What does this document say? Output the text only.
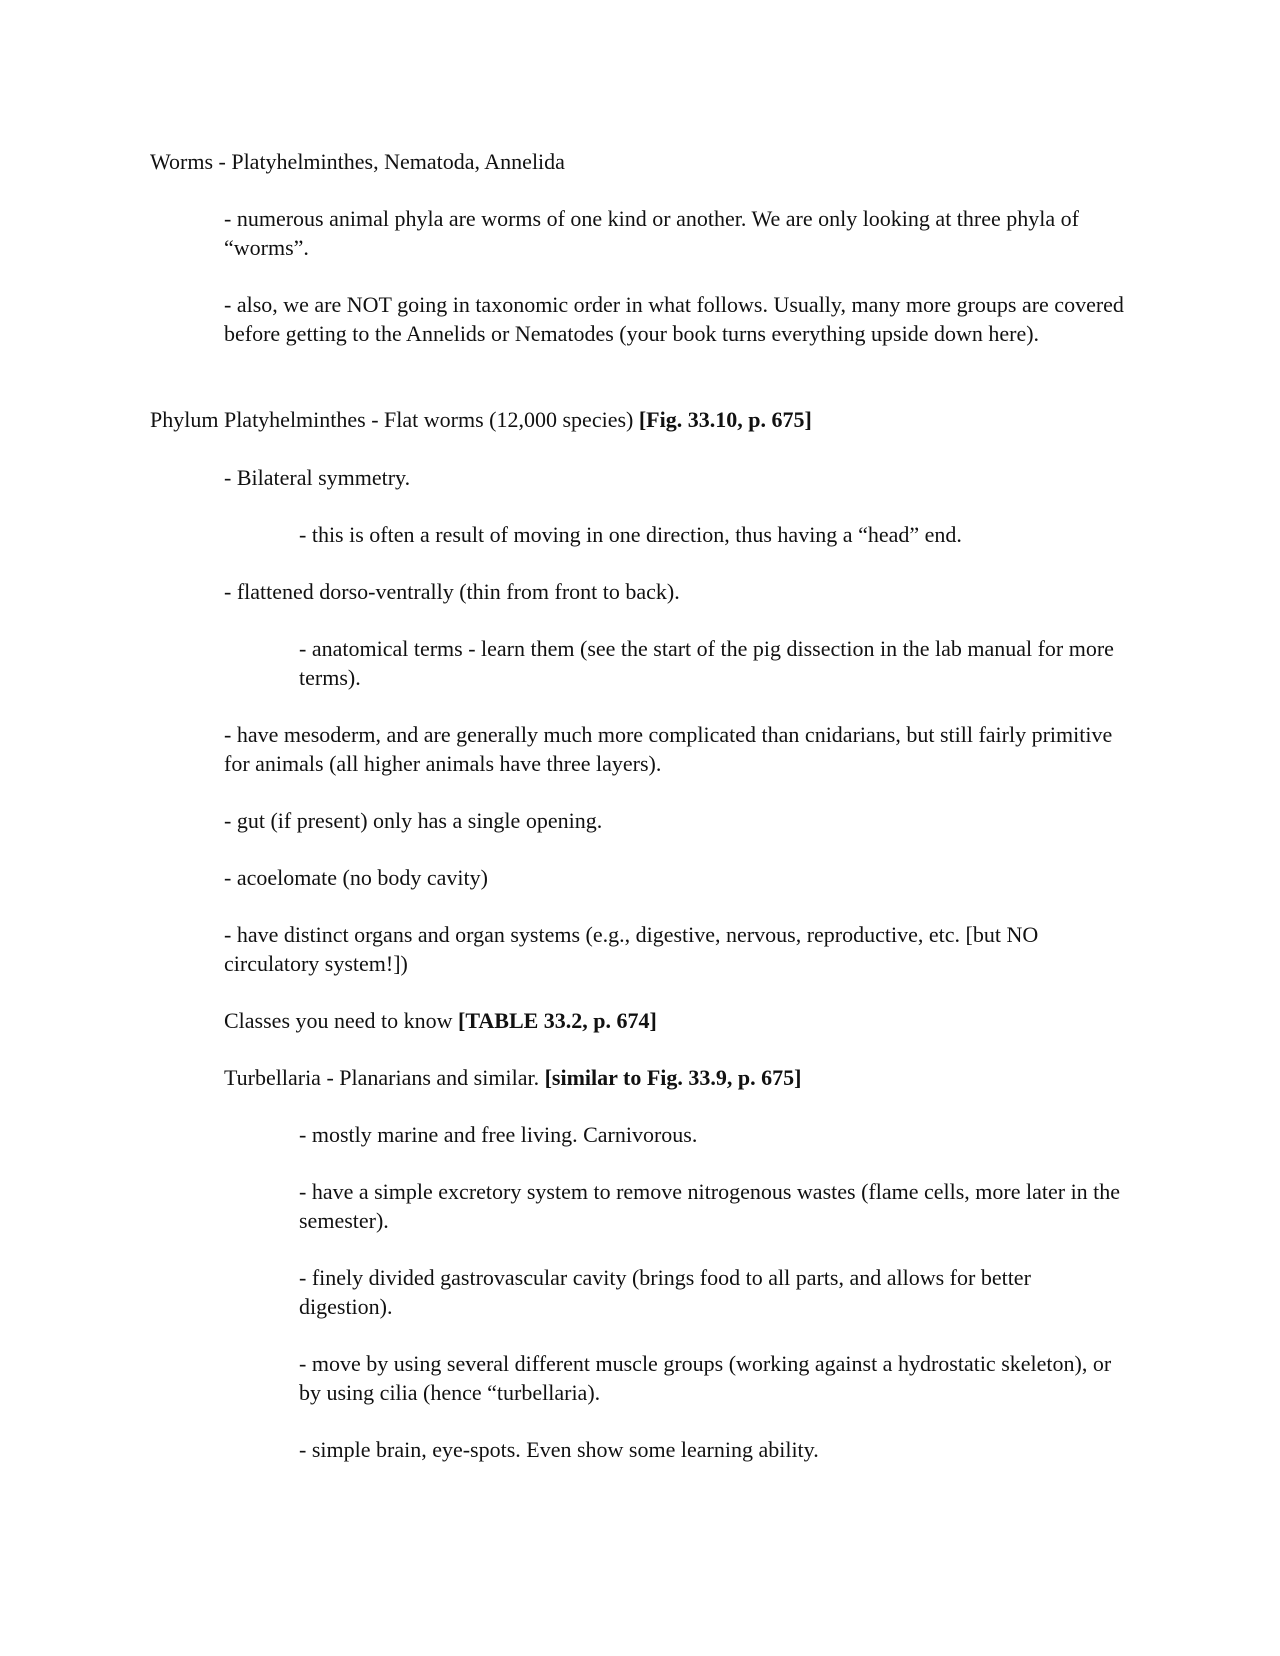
Worms - Platyhelminthes, Nematoda, Annelida

- numerous animal phyla are worms of one kind or another. We are only looking at three phyla of “worms”.

- also, we are NOT going in taxonomic order in what follows. Usually, many more groups are covered before getting to the Annelids or Nematodes (your book turns everything upside down here).

Phylum Platyhelminthes - Flat worms (12,000 species) [Fig. 33.10, p. 675]

- Bilateral symmetry.

- this is often a result of moving in one direction, thus having a “head” end.

- flattened dorso-ventrally (thin from front to back).

- anatomical terms - learn them (see the start of the pig dissection in the lab manual for more terms).

- have mesoderm, and are generally much more complicated than cnidarians, but still fairly primitive for animals (all higher animals have three layers).

- gut (if present) only has a single opening.

- acoelomate (no body cavity)

- have distinct organs and organ systems (e.g., digestive, nervous, reproductive, etc. [but NO circulatory system!])

Classes you need to know [TABLE 33.2, p. 674]

Turbellaria - Planarians and similar. [similar to Fig. 33.9, p. 675]

- mostly marine and free living. Carnivorous.

- have a simple excretory system to remove nitrogenous wastes (flame cells, more later in the semester).

- finely divided gastrovascular cavity (brings food to all parts, and allows for better digestion).

- move by using several different muscle groups (working against a hydrostatic skeleton), or by using cilia (hence “turbellaria).

- simple brain, eye-spots. Even show some learning ability.
